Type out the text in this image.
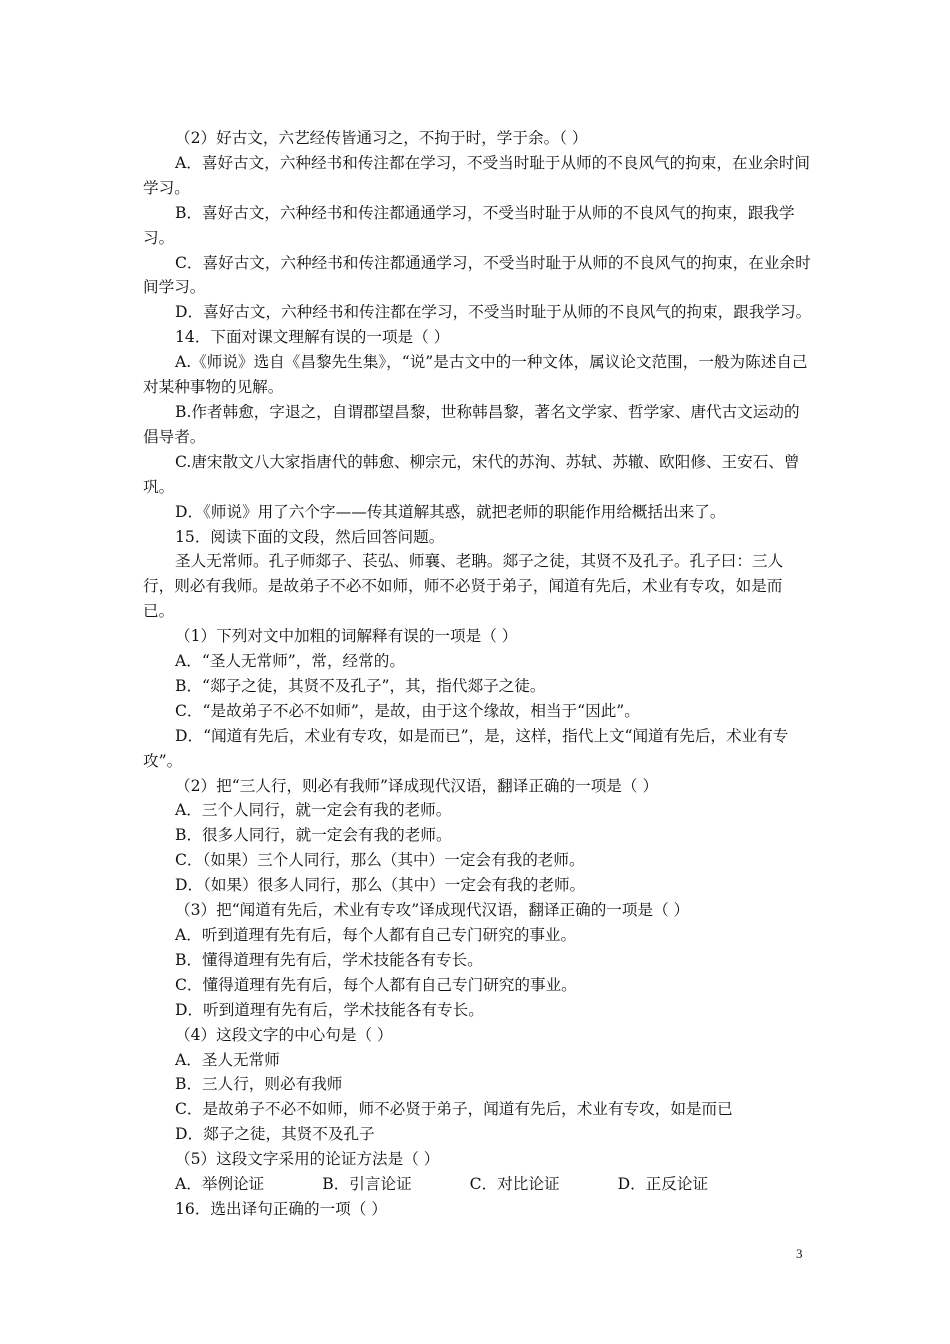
（2）好古文，六艺经传皆通习之，不拘于时，学于余。（ ）

A．喜好古文，六种经书和传注都在学习，不受当时耻于从师的不良风气的拘束，在业余时间学习。

B．喜好古文，六种经书和传注都通通学习，不受当时耻于从师的不良风气的拘束，跟我学习。

C．喜好古文，六种经书和传注都通通学习，不受当时耻于从师的不良风气的拘束，在业余时间学习。

D．喜好古文，六种经书和传注都在学习，不受当时耻于从师的不良风气的拘束，跟我学习。

14．下面对课文理解有误的一项是（ ）

A.《师说》选自《昌黎先生集》，“说”是古文中的一种文体，属议论文范围，一般为陈述自己对某种事物的见解。

B.作者韩愈，字退之，自谓郡望昌黎，世称韩昌黎，著名文学家、哲学家、唐代古文运动的倡导者。

C.唐宋散文八大家指唐代的韩愈、柳宗元，宋代的苏洵、苏轼、苏辙、欧阳修、王安石、曾巩。

D．《师说》用了六个字——传其道解其惑，就把老师的职能作用给概括出来了。

15．阅读下面的文段，然后回答问题。

圣人无常师。孔子师郯子、苌弘、师襄、老聃。郯子之徒，其贤不及孔子。孔子曰：三人行，则必有我师。是故弟子不必不如师，师不必贤于弟子，闻道有先后，术业有专攻，如是而已。

（1）下列对文中加粗的词解释有误的一项是（ ）

A．“圣人无常师”，常，经常的。

B．“郯子之徒，其贤不及孔子”，其，指代郯子之徒。

C．“是故弟子不必不如师”，是故，由于这个缘故，相当于“因此”。

D．“闻道有先后，术业有专攻，如是而已”，是，这样，指代上文“闻道有先后，术业有专攻”。

（2）把“三人行，则必有我师”译成现代汉语，翻译正确的一项是（ ）

A．三个人同行，就一定会有我的老师。

B．很多人同行，就一定会有我的老师。

C．（如果）三个人同行，那么（其中）一定会有我的老师。

D．（如果）很多人同行，那么（其中）一定会有我的老师。

（3）把“闻道有先后，术业有专攻”译成现代汉语，翻译正确的一项是（ ）

A．听到道理有先有后，每个人都有自己专门研究的事业。

B．懂得道理有先有后，学术技能各有专长。

C．懂得道理有先有后，每个人都有自己专门研究的事业。

D．听到道理有先有后，学术技能各有专长。

（4）这段文字的中心句是（ ）

A．圣人无常师

B．三人行，则必有我师

C．是故弟子不必不如师，师不必贤于弟子，闻道有先后，术业有专攻，如是而已

D．郯子之徒，其贤不及孔子

（5）这段文字采用的论证方法是（ ）

A．举例论证	B．引言论证	C．对比论证	D．正反论证

16．选出译句正确的一项（ ）

3
